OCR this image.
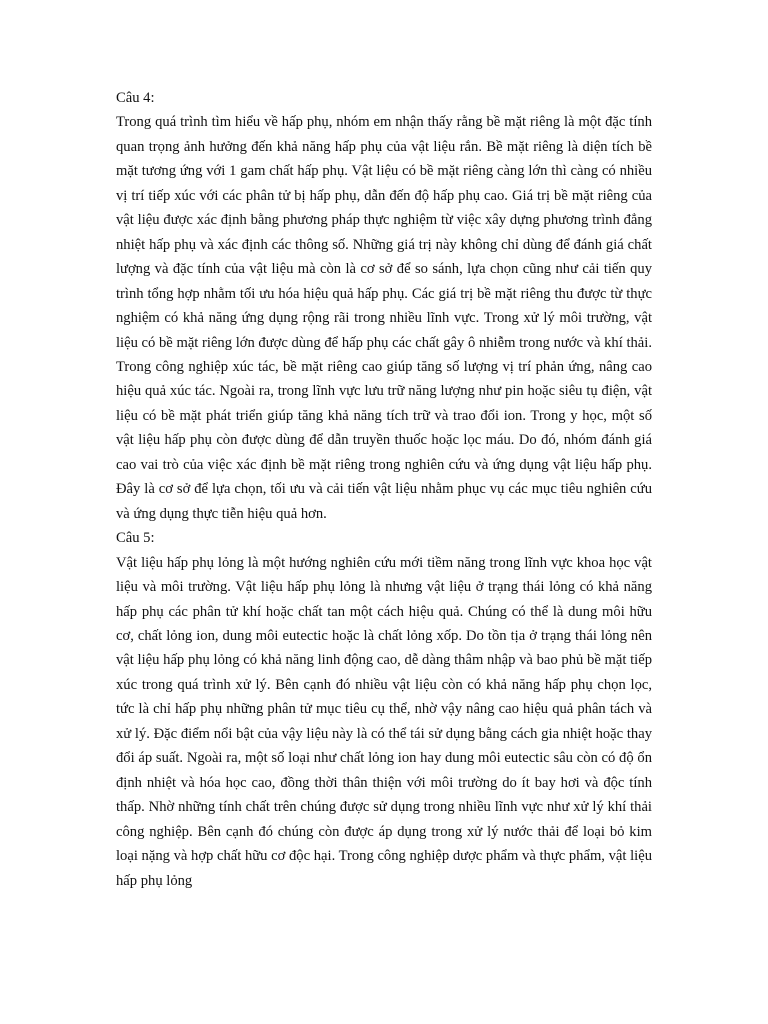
Câu 4:

Trong quá trình tìm hiểu về hấp phụ, nhóm em nhận thấy rằng bề mặt riêng là một đặc tính quan trọng ảnh hưởng đến khả năng hấp phụ của vật liệu rắn. Bề mặt riêng là diện tích bề mặt tương ứng với 1 gam chất hấp phụ. Vật liệu có bề mặt riêng càng lớn thì càng có nhiều vị trí tiếp xúc với các phân tử bị hấp phụ, dẫn đến độ hấp phụ cao. Giá trị bề mặt riêng của vật liệu được xác định bằng phương pháp thực nghiệm từ việc xây dựng phương trình đẳng nhiệt hấp phụ và xác định các thông số. Những giá trị này không chỉ dùng để đánh giá chất lượng và đặc tính của vật liệu mà còn là cơ sở để so sánh, lựa chọn cũng như cải tiến quy trình tổng hợp nhằm tối ưu hóa hiệu quả hấp phụ. Các giá trị bề mặt riêng thu được từ thực nghiệm có khả năng ứng dụng rộng rãi trong nhiều lĩnh vực. Trong xử lý môi trường, vật liệu có bề mặt riêng lớn được dùng để hấp phụ các chất gây ô nhiễm trong nước và khí thải. Trong công nghiệp xúc tác, bề mặt riêng cao giúp tăng số lượng vị trí phản ứng, nâng cao hiệu quả xúc tác. Ngoài ra, trong lĩnh vực lưu trữ năng lượng như pin hoặc siêu tụ điện, vật liệu có bề mặt phát triển giúp tăng khả năng tích trữ và trao đổi ion. Trong y học, một số vật liệu hấp phụ còn được dùng để dẫn truyền thuốc hoặc lọc máu. Do đó, nhóm đánh giá cao vai trò của việc xác định bề mặt riêng trong nghiên cứu và ứng dụng vật liệu hấp phụ. Đây là cơ sở để lựa chọn, tối ưu và cải tiến vật liệu nhằm phục vụ các mục tiêu nghiên cứu và ứng dụng thực tiễn hiệu quả hơn.

Câu 5:

Vật liệu hấp phụ lỏng là một hướng nghiên cứu mới tiềm năng trong lĩnh vực khoa học vật liệu và môi trường. Vật liệu hấp phụ lỏng là nhưng vật liệu ở trạng thái lỏng có khả năng hấp phụ các phân tử khí hoặc chất tan một cách hiệu quả. Chúng có thể là dung môi hữu cơ, chất lỏng ion, dung môi eutectic hoặc là chất lỏng xốp. Do tồn tịa ở trạng thái lỏng nên vật liệu hấp phụ lỏng có khả năng linh động cao, dễ dàng thâm nhập và bao phủ bề mặt tiếp xúc trong quá trình xử lý. Bên cạnh đó nhiều vật liệu còn có khả năng hấp phụ chọn lọc, tức là chỉ hấp phụ những phân tử mục tiêu cụ thể, nhờ vậy nâng cao hiệu quả phân tách và xử lý. Đặc điểm nổi bật của vậy liệu này là có thể tái sử dụng bằng cách gia nhiệt hoặc thay đổi áp suất. Ngoài ra, một số loại như chất lỏng ion hay dung môi eutectic sâu còn có độ ổn định nhiệt và hóa học cao, đồng thời thân thiện với môi trường do ít bay hơi và độc tính thấp. Nhờ những tính chất trên chúng được sử dụng trong nhiều lĩnh vực như xử lý khí thải công nghiệp. Bên cạnh đó chúng còn được áp dụng trong xử lý nước thải để loại bỏ kim loại nặng và hợp chất hữu cơ độc hại. Trong công nghiệp dược phẩm và thực phẩm, vật liệu hấp phụ lỏng
